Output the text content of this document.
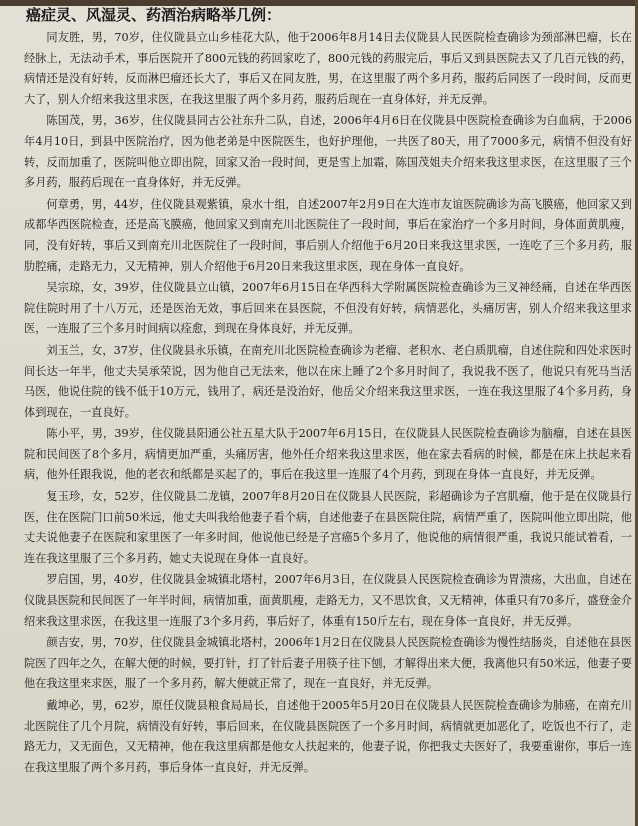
癌症灵、风湿灵、药酒治病略举几例：

同友胜，男，70岁，住仪陇县立山乡桂花大队，他于2006年8月14日去仪陇县人民医院检查确诊为颈部淋巴瘤，长在经脉上，无法动手术，事后医院开了800元钱的药回家吃了，800元钱的药服完后，事后又到县医院去又了几百元钱的药，病情还是没有好转，反而淋巴瘤还长大了，事后又在同友胜，男，在这里服了两个多月药，服药后同医了一段时间，反而更大了，别人介绍来我这里求医，在我这里服了两个多月药，服药后现在一直身体好，并无反弹。

陈国茂，男，36岁，住仪陇县同古公社东升二队，自述，2006年4月6日在仪陇县中医院检查确诊为白血病，于2006年4月10日，到县中医院治疗，因为他老弟是中医院医生，也好护理他，一共医了80天，用了7000多元，病情不但没有好转，反而加重了，医院叫他立即出院，回家又治一段时间，更是雪上加霜，陈国茂姐夫介绍来我这里求医，在这里服了三个多月药，服药后现在一直身体好，并无反弹。

何章勇，男，44岁，住仪陇县观紫镇，泉水十组，自述2007年2月9日在大连市友谊医院确诊为高飞膜癌，他回家又到成都华西医院检查，还是高飞膜癌，他回家又到南充川北医院住了一段时间，事后在家治疗一个多月时间，身体面黄肌瘦，同，没有好转，事后又到南充川北医院住了一段时间，事后别人介绍他于6月20日来我这里求医，一连吃了三个多月药，服肋腔痛，走路无力，又无精神，别人介绍他于6月20日来我这里求医，现在身体一直良好。

吴宗琼，女，39岁，住仪陇县立山镇，2007年6月15日在华西科大学附属医院检查确诊为三叉神经痛，自述在华西医院住院时用了十八万元，还是医治无效，事后回来在县医院，不但没有好转，病情恶化，头痛厉害，别人介绍来我这里求医，一连服了三个多月时间病以痊愈，到现在身体良好，并无反弹。

刘玉兰，女，37岁，住仪陇县永乐镇，在南充川北医院检查确诊为老瘤、老积水、老白质肌瘤，自述住院和四处求医时间长达一年半，他丈夫吴承荣说，因为他自己无法来，他以在床上睡了2个多月时间了，我说我不医了，他说只有死马当活马医，他说住院的钱不低于10万元，钱用了，病还是没治好，他岳父介绍来我这里求医，一连在我这里服了4个多月药，身体到现在，一直良好。

陈小平，男，39岁，住仪陇县阳通公社五星大队于2007年6月15日，在仪陇县人民医院检查确诊为脑瘤，自述在县医院和民间医了8个多月，病情更加严重，头痛厉害，他外任介绍来我这里求医，他在家去看病的时候，都是在床上扶起来看病，他外任跟我说，他的老衣和纸都是买起了的，事后在我这里一连服了4个月药，到现在身体一直良好，并无反弹。

复玉珍，女，52岁，住仪陇县二龙镇，2007年8月20日在仪陇县人民医院，彩超确诊为子宫肌瘤，他于是在仪陇县行医，住在医院门口前50米远，他丈夫叫我给他妻子看个病，自述他妻子在县医院住院，病情严重了，医院叫他立即出院，他丈夫说他妻子在医院和家里医了一年多时间，他说他已经是子宫癌5个多月了，他说他的病情很严重，我说只能试着看，一连在我这里服了三个多月药，她丈夫说现在身体一直良好。

罗启国，男，40岁，住仪陇县金城镇北塔村，2007年6月3日，在仪陇县人民医院检查确诊为胃溃疡，大出血，自述在仪陇县医院和民间医了一年半时间，病情加重，面黄肌瘦，走路无力，又不思饮食，又无精神，体重只有70多斤，盛登金介绍来我这里求医，在我这里一连服了3个多月药，事后好了，体重有150斤左右，现在身体一直良好，并无反弹。

颜吉安，男，70岁，住仪陇县金城镇北塔村，2006年1月2日在仪陇县人民医院检查确诊为慢性结肠炎，自述他在县医院医了四年之久，在解大便的时候，要打针，打了针后妻子用筷子往下刨，才解得出来大便，我离他只有50米远，他妻子要他在我这里来求医，服了一个多月药，解大便就正常了，现在一直良好，并无反弹。

戴坤必，男，62岁，原任仪陇县粮食局局长，自述他于2005年5月20日在仪陇县人民医院检查确诊为肺癌，在南充川北医院住了几个月院，病情没有好转，事后回来，在仪陇县医院医了一个多月时间，病情就更加恶化了，吃饭也不行了，走路无力，又无面色，又无精神，他在我这里病都是他女人扶起来的，他妻子说，你把我丈夫医好了，我要重谢你，事后一连在我这里服了两个多月药，事后身体一直良好，并无反弹。
